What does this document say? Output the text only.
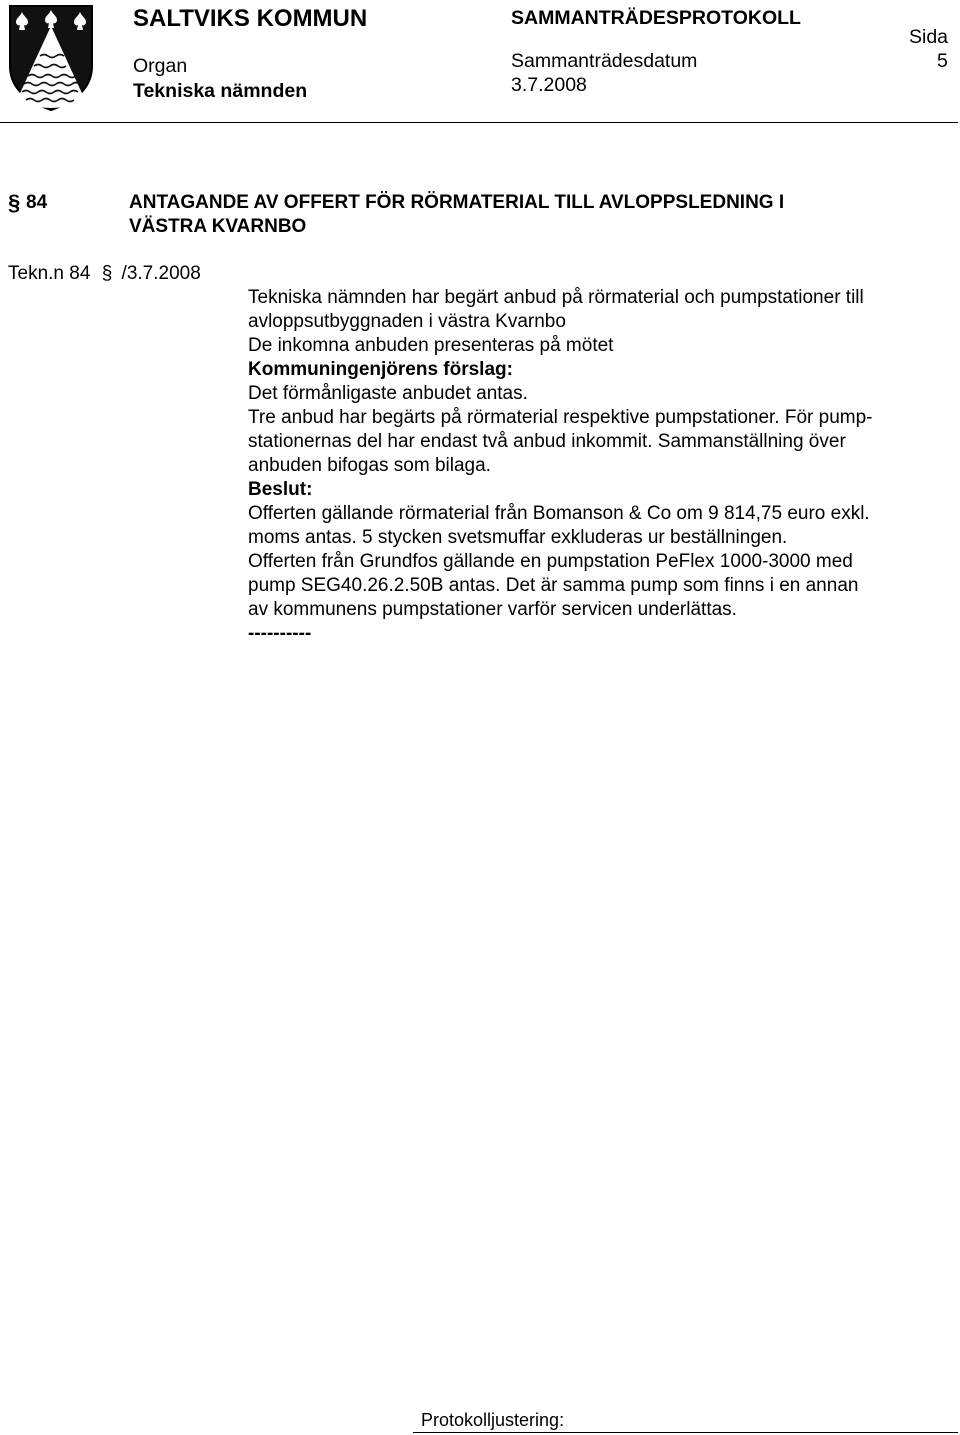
SALTVIKS KOMMUN	SAMMANTRÄDESPROTOKOLL
Sida
Organ	Sammanträdesdatum	5
Tekniska nämnden	3.7.2008
§ 84	ANTAGANDE AV OFFERT FÖR RÖRMATERIAL TILL AVLOPPSLEDNING I
VÄSTRA KVARNBO
Tekn.n 84 § /3.7.2008
Tekniska nämnden har begärt anbud på rörmaterial och pumpstationer till
avloppsutbyggnaden i västra Kvarnbo
De inkomna anbuden presenteras på mötet
Kommuningenjörens förslag:
Det förmånligaste anbudet antas.
Tre anbud har begärts på rörmaterial respektive pumpstationer. För pump-
stationernas del har endast två anbud inkommit. Sammanställning över
anbuden bifogas som bilaga.
Beslut:
Offerten gällande rörmaterial från Bomanson & Co om 9 814,75 euro exkl.
moms antas. 5 stycken svetsmuffar exkluderas ur beställningen.
Offerten från Grundfos gällande en pumpstation PeFlex 1000-3000 med
pump SEG40.26.2.50B antas. Det är samma pump som finns i en annan
av kommunens pumpstationer varför servicen underlättas.
----------
Protokolljustering:
